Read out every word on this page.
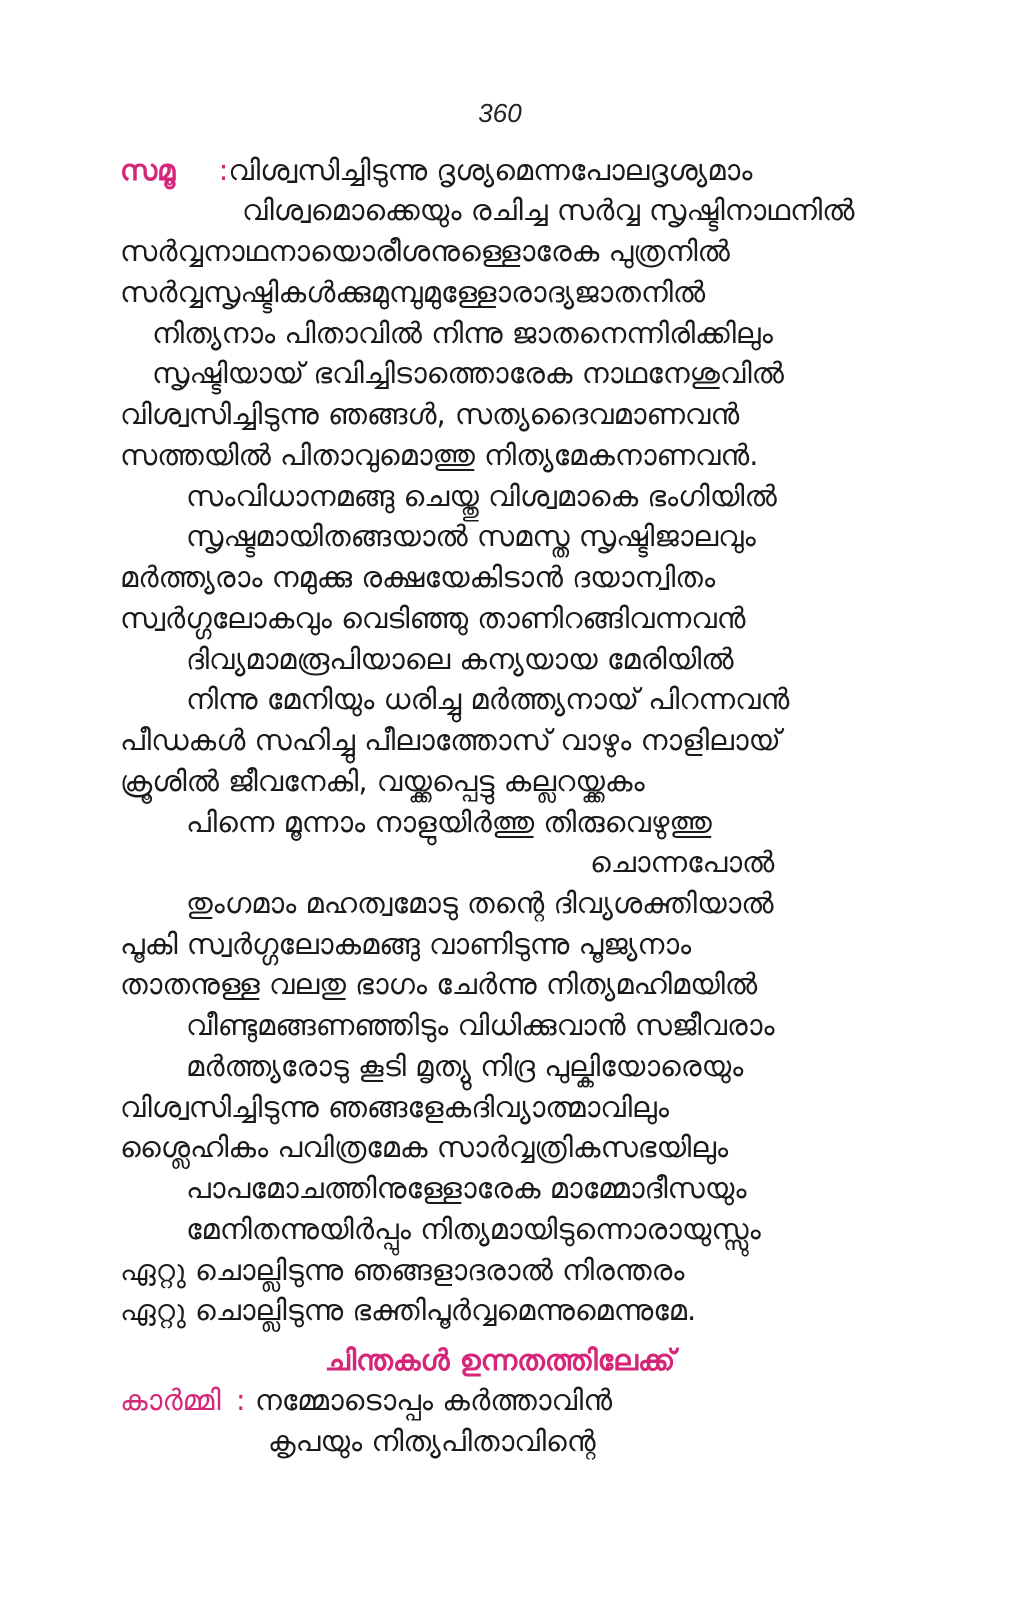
360
സമൂ :വിശ്വസിച്ചിടുന്നു ദൃശ്യമെന്നപോലദൃശ്യമാം
വിശ്വമൊക്കെയും രചിച്ച സർവ്വ സൃഷ്ടിനാഥനിൽ
സർവ്വനാഥനായൊരീശനുള്ളൊരേക പുത്രനിൽ
സർവ്വസൃഷ്ടികൾക്കുമുമ്പുമുള്ളോരാദ്യജാതനിൽ
നിത്യനാം പിതാവിൽ നിന്നു ജാതനെന്നിരിക്കിലും
സൃഷ്ടിയായ് ഭവിച്ചിടാത്തൊരേക നാഥനേശുവിൽ
വിശ്വസിച്ചിടുന്നു ഞങ്ങൾ, സത്യദൈവമാണവൻ
സത്തയിൽ പിതാവുമൊത്തു നിത്യമേകനാണവൻ.
സംവിധാനമങ്ങു ചെയ്തു വിശ്വമാകെ ഭംഗിയിൽ
സൃഷ്ടമായിതങ്ങയാൽ സമസ്ത സൃഷ്ടിജാലവും
മർത്ത്യരാം നമുക്കു രക്ഷയേകിടാൻ ദയാന്വിതം
സ്വർഗ്ഗലോകവും വെടിഞ്ഞു താണിറങ്ങിവന്നവൻ
ദിവ്യമാമരൂപിയാലെ കന്യയായ മേരിയിൽ
നിന്നു മേനിയും ധരിച്ചു മർത്ത്യനായ് പിറന്നവൻ
പീഡകൾ സഹിച്ചു പീലാത്തോസ് വാഴും നാളിലായ്
ക്രൂശിൽ ജീവനേകി, വയ്ക്കപ്പെട്ടു കല്ലറയ്ക്കകം
പിന്നെ മൂന്നാം നാളുയിർത്തു തിരുവെഴുത്തു
ചൊന്നപോൽ
തുംഗമാം മഹത്വമോടു തന്റെ ദിവ്യശക്തിയാൽ
പൂകി സ്വർഗ്ഗലോകമങ്ങു വാണിടുന്നു പൂജ്യനാം
താതനുള്ള വലതു ഭാഗം ചേർന്നു നിത്യമഹിമയിൽ
വീണ്ടുമങ്ങണഞ്ഞിടും വിധിക്കുവാൻ സജീവരാം
മർത്ത്യരോടു കൂടി മൃത്യു നിദ്ര പുല്കിയോരെയും
വിശ്വസിച്ചിടുന്നു ഞങ്ങളേകദിവ്യാത്മാവിലും
ശ്ലൈഹികം പവിത്രമേക സാർവ്വത്രികസഭയിലും
പാപമോചത്തിനുള്ളോരേക മാമ്മോദീസയും
മേനിതന്നുയിർപ്പും നിത്യമായിടുന്നൊരായുസ്സും
ഏറ്റു ചൊല്ലിടുന്നു ഞങ്ങളാദരാൽ നിരന്തരം
ഏറ്റു ചൊല്ലിടുന്നു ഭക്തിപൂർവ്വമെന്നുമെന്നുമേ.
ചിന്തകൾ ഉന്നതത്തിലേക്ക്
കാർമ്മി : നമ്മോടൊപ്പം കർത്താവിൻ
കൃപയും നിത്യപിതാവിന്റെ
